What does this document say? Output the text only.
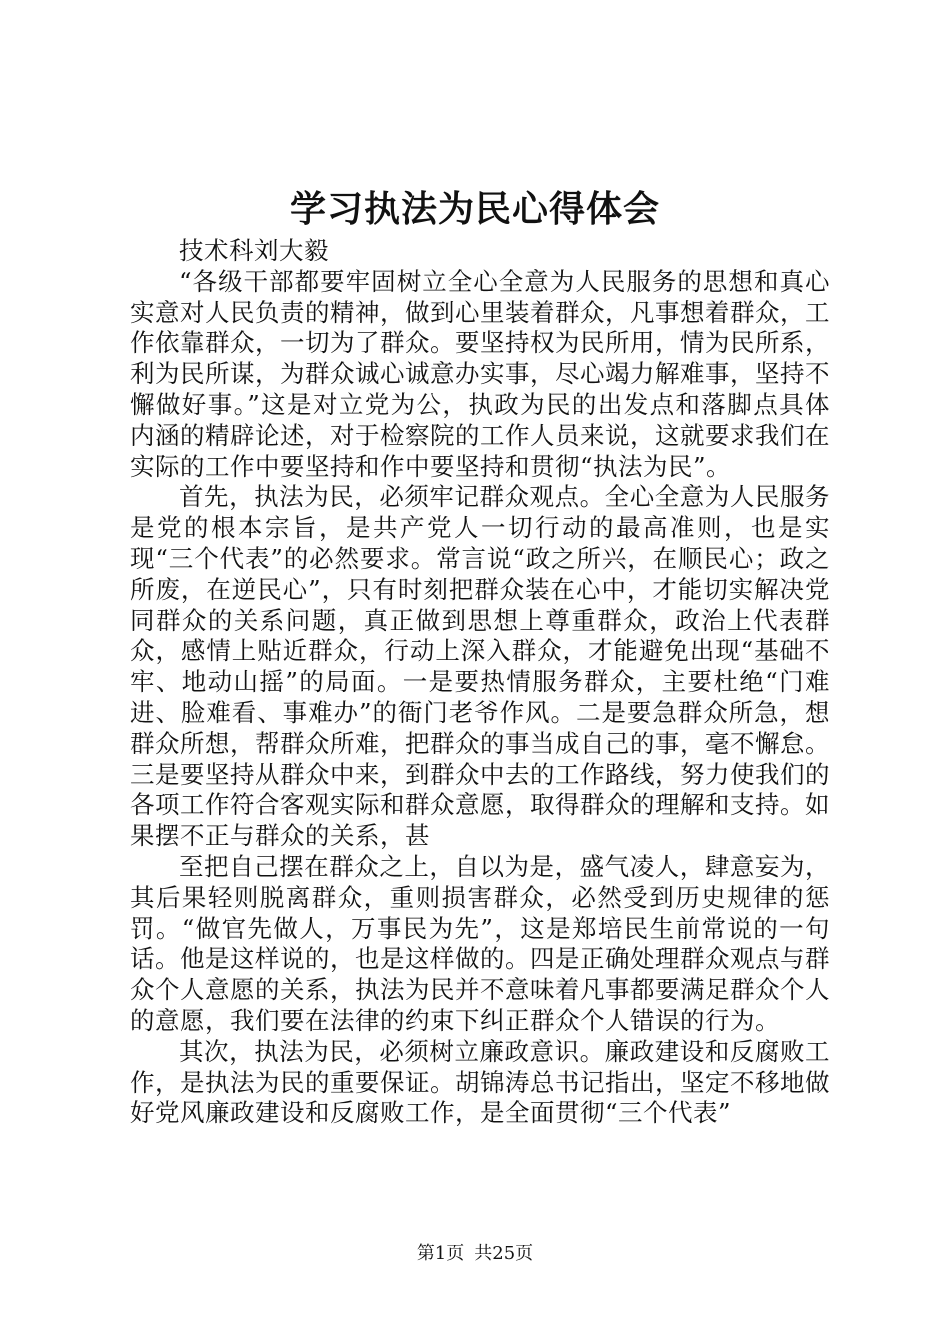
学习执法为民心得体会
技术科刘大毅

“各级干部都要牢固树立全心全意为人民服务的思想和真心实意对人民负责的精神，做到心里装着群众，凡事想着群众，工作依靠群众，一切为了群众。要坚持权为民所用，情为民所系，利为民所谋，为群众诚心诚意办实事，尽心竭力解难事，坚持不懈做好事。”这是对立党为公，执政为民的出发点和落脚点具体内涵的精辟论述，对于检察院的工作人员来说，这就要求我们在实际的工作中要坚持和作中要坚持和贯彻“执法为民”。

首先，执法为民，必须牢记群众观点。全心全意为人民服务是党的根本宗旨，是共产党人一切行动的最高准则，也是实现“三个代表”的必然要求。常言说“政之所兴，在顺民心；政之所废，在逆民心”，只有时刻把群众装在心中，才能切实解决党同群众的关系问题，真正做到思想上尊重群众，政治上代表群众，感情上贴近群众，行动上深入群众，才能避免出现“基础不牢、地动山摇”的局面。一是要热情服务群众，主要杜绝“门难进、脸难看、事难办”的衙门老爷作风。二是要急群众所急，想群众所想，帮群众所难，把群众的事当成自己的事，毫不懈怠。三是要坚持从群众中来，到群众中去的工作路线，努力使我们的各项工作符合客观实际和群众意愿，取得群众的理解和支持。如果摆不正与群众的关系，甚

至把自己摆在群众之上，自以为是，盛气凌人，肆意妄为，其后果轻则脱离群众，重则损害群众，必然受到历史规律的惩罚。“做官先做人，万事民为先”，这是郑培民生前常说的一句话。他是这样说的，也是这样做的。四是正确处理群众观点与群众个人意愿的关系，执法为民并不意味着凡事都要满足群众个人的意愿，我们要在法律的约束下纠正群众个人错误的行为。

其次，执法为民，必须树立廉政意识。廉政建设和反腐败工作，是执法为民的重要保证。胡锦涛总书记指出，坚定不移地做好党风廉政建设和反腐败工作，是全面贯彻“三个代表”

第1页 共25页
